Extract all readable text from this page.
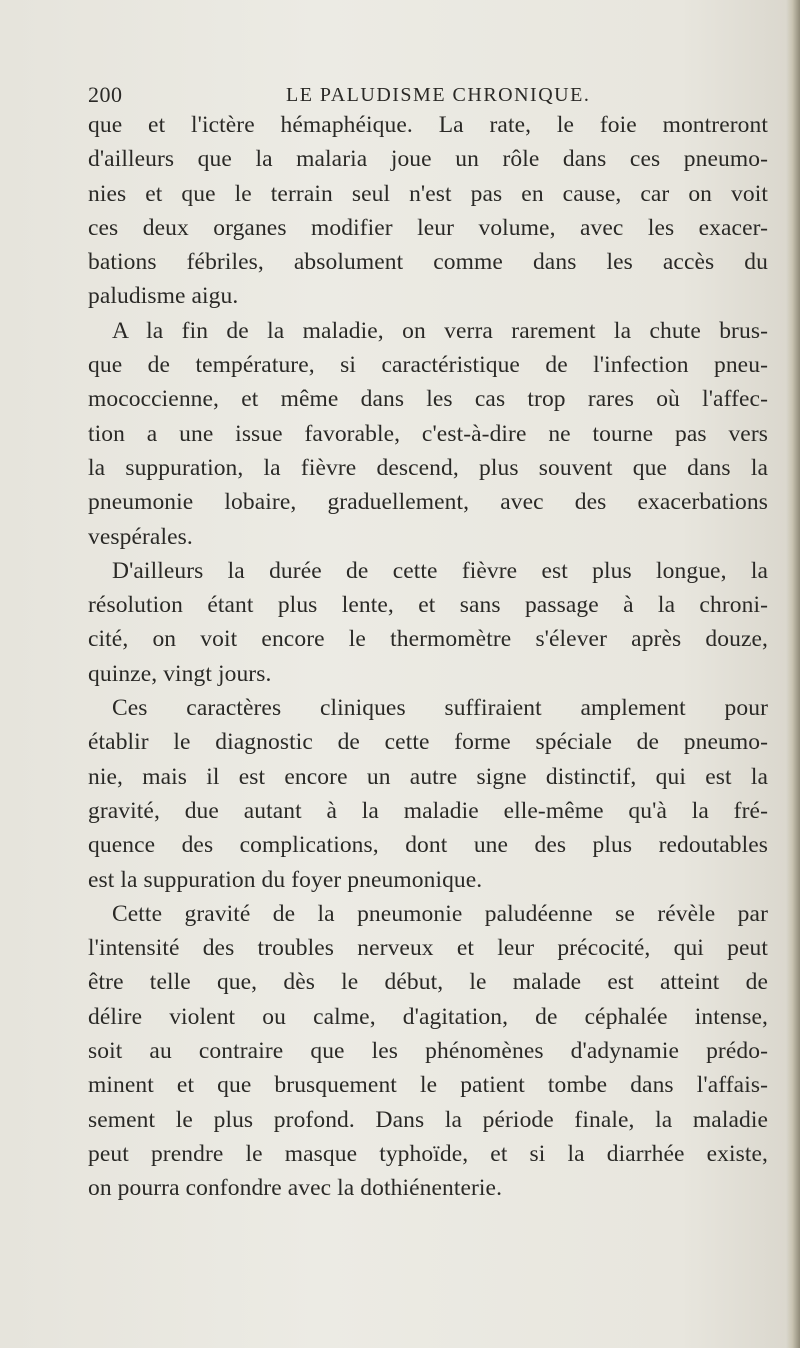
200	LE PALUDISME CHRONIQUE.
que et l'ictère hémaphéique. La rate, le foie montreront
d'ailleurs que la malaria joue un rôle dans ces pneumo-
nies et que le terrain seul n'est pas en cause, car on voit
ces deux organes modifier leur volume, avec les exacer-
bations fébriles, absolument comme dans les accès du
paludisme aigu.
A la fin de la maladie, on verra rarement la chute brus-
que de température, si caractéristique de l'infection pneu-
mococcienne, et même dans les cas trop rares où l'affec-
tion a une issue favorable, c'est-à-dire ne tourne pas vers
la suppuration, la fièvre descend, plus souvent que dans la
pneumonie lobaire, graduellement, avec des exacerbations
vespérales.
D'ailleurs la durée de cette fièvre est plus longue, la
résolution étant plus lente, et sans passage à la chroni-
cité, on voit encore le thermomètre s'élever après douze,
quinze, vingt jours.
Ces caractères cliniques suffiraient amplement pour
établir le diagnostic de cette forme spéciale de pneumo-
nie, mais il est encore un autre signe distinctif, qui est la
gravité, due autant à la maladie elle-même qu'à la fré-
quence des complications, dont une des plus redoutables
est la suppuration du foyer pneumonique.
Cette gravité de la pneumonie paludéenne se révèle par
l'intensité des troubles nerveux et leur précocité, qui peut
être telle que, dès le début, le malade est atteint de
délire violent ou calme, d'agitation, de céphalée intense,
soit au contraire que les phénomènes d'adynamie prédo-
minent et que brusquement le patient tombe dans l'affais-
sement le plus profond. Dans la période finale, la maladie
peut prendre le masque typhoïde, et si la diarrhée existe,
on pourra confondre avec la dothiénenterie.
